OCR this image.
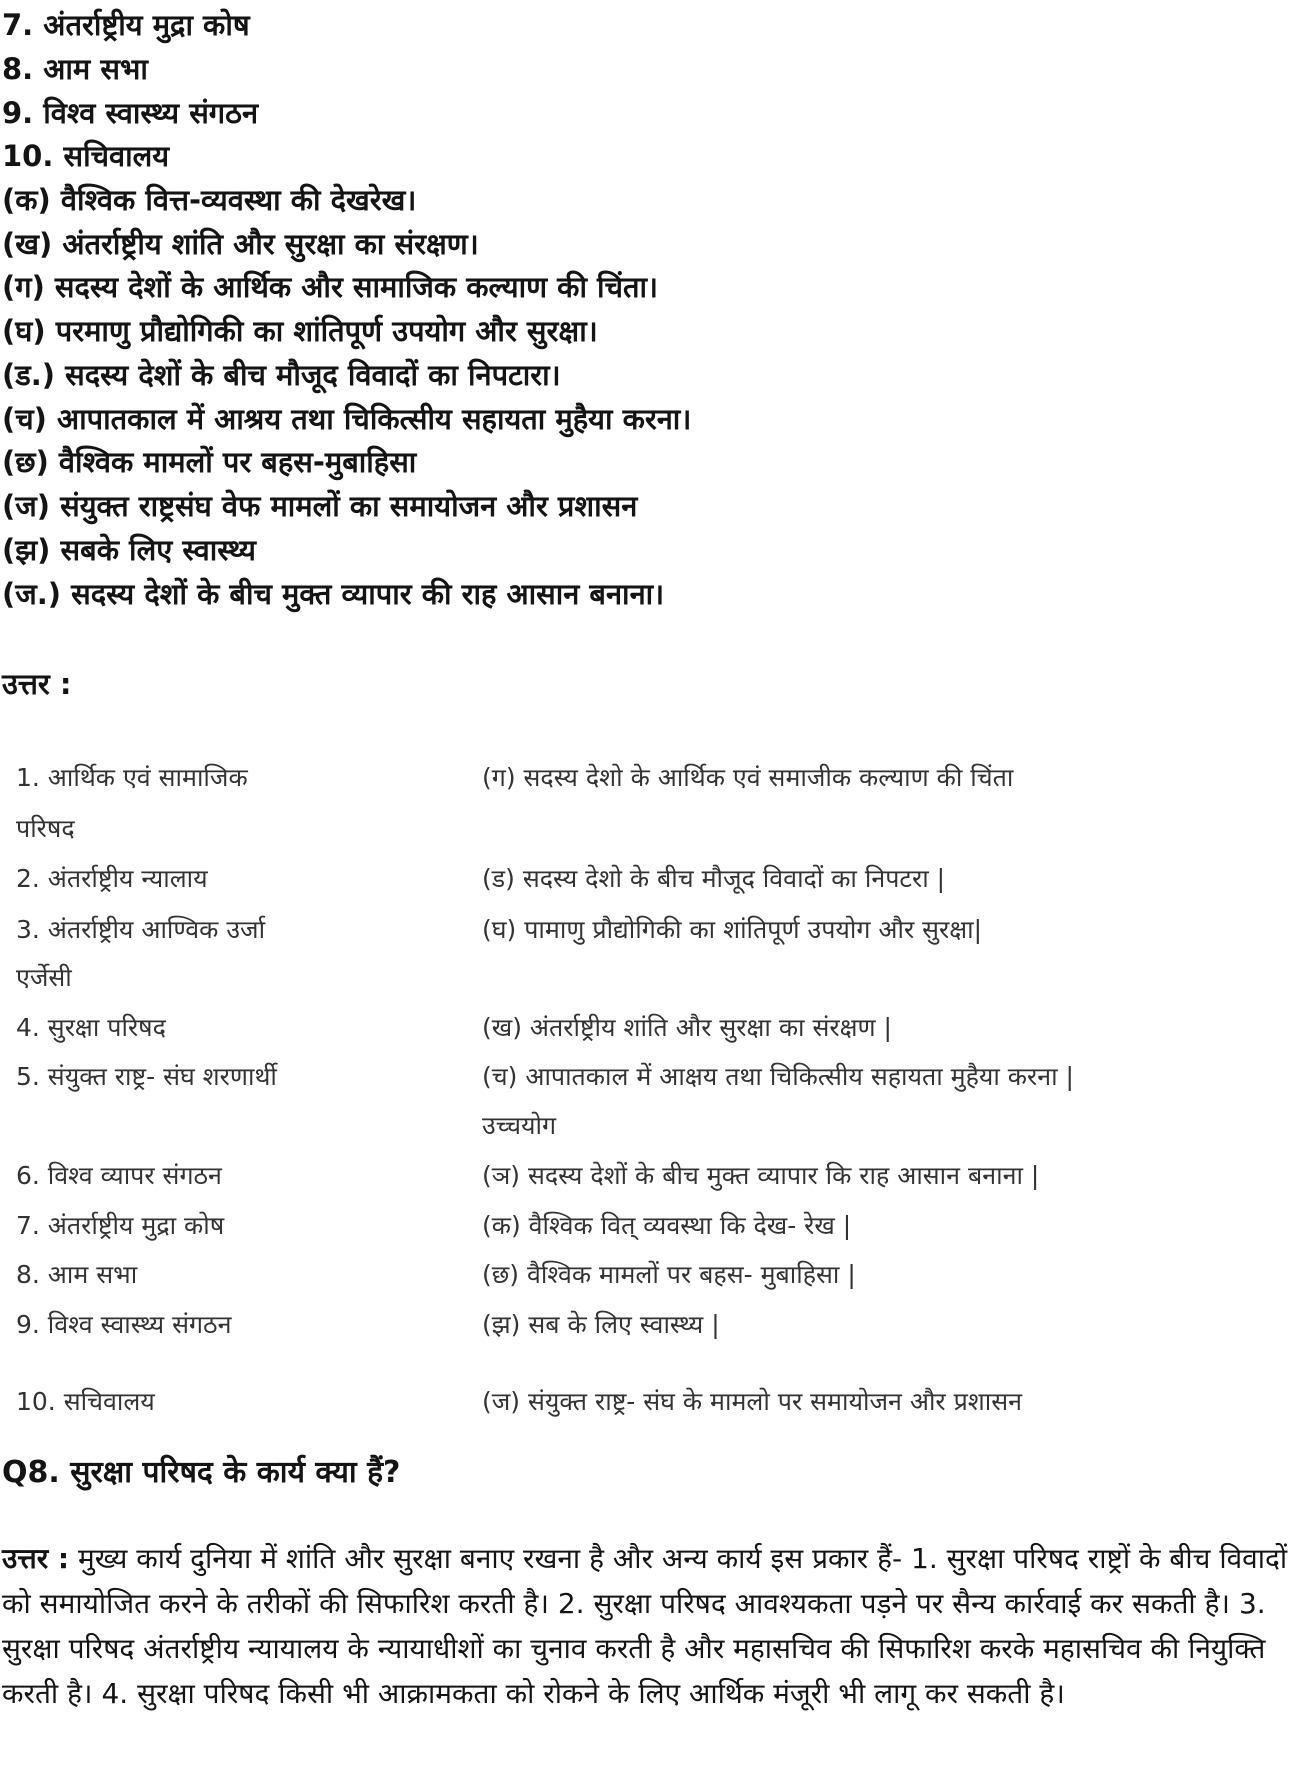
7. अंतर्राष्ट्रीय मुद्रा कोष
8. आम सभा
9. विश्व स्वास्थ्य संगठन
10. सचिवालय
(क) वैश्विक वित्त-व्यवस्था की देखरेख।
(ख) अंतर्राष्ट्रीय शांति और सुरक्षा का संरक्षण।
(ग) सदस्य देशों के आर्थिक और सामाजिक कल्याण की चिंता।
(घ) परमाणु प्रौद्योगिकी का शांतिपूर्ण उपयोग और सुरक्षा।
(ड.) सदस्य देशों के बीच मौजूद विवादों का निपटारा।
(च) आपातकाल में आश्रय तथा चिकित्सीय सहायता मुहैया करना।
(छ) वैश्विक मामलों पर बहस-मुबाहिसा
(ज) संयुक्त राष्ट्रसंघ वेफ मामलों का समायोजन और प्रशासन
(झ) सबके लिए स्वास्थ्य
(ज.) सदस्य देशों के बीच मुक्त व्यापार की राह आसान बनाना।
उत्तर :
1. आर्थिक एवं सामाजिक	(ग) सदस्य देशो के आर्थिक एवं समाजीक कल्याण की चिंता
परिषद
2. अंतर्राष्ट्रीय न्यालाय	(ड) सदस्य देशो के बीच मौजूद विवादों का निपटरा |
3. अंतर्राष्ट्रीय आण्विक उर्जा	(घ) पामाणु प्रौद्योगिकी का शांतिपूर्ण उपयोग और सुरक्षा|
एर्जेसी
4. सुरक्षा परिषद	(ख) अंतर्राष्ट्रीय शांति और सुरक्षा का संरक्षण |
5. संयुक्त राष्ट्र- संघ शरणार्थी	(च) आपातकाल में आक्षय तथा चिकित्सीय सहायता मुहैया करना |
उच्चयोग
6. विश्व व्यापर संगठन	(ञ) सदस्य देशों के बीच मुक्त व्यापार कि राह आसान बनाना |
7. अंतर्राष्ट्रीय मुद्रा कोष	(क) वैश्विक वित् व्यवस्था कि देख- रेख |
8. आम सभा	(छ) वैश्विक मामलों पर बहस- मुबाहिसा |
9. विश्व स्वास्थ्य संगठन	(झ) सब के लिए स्वास्थ्य |
10. सचिवालय	(ज) संयुक्त राष्ट्र- संघ के मामलो पर समायोजन और प्रशासन
Q8. सुरक्षा परिषद के कार्य क्या हैं?
उत्तर : मुख्य कार्य दुनिया में शांति और सुरक्षा बनाए रखना है और अन्य कार्य इस प्रकार हैं- 1. सुरक्षा परिषद राष्ट्रों के बीच विवादों को समायोजित करने के तरीकों की सिफारिश करती है। 2. सुरक्षा परिषद आवश्यकता पड़ने पर सैन्य कार्रवाई कर सकती है। 3. सुरक्षा परिषद अंतर्राष्ट्रीय न्यायालय के न्यायाधीशों का चुनाव करती है और महासचिव की सिफारिश करके महासचिव की नियुक्ति करती है। 4. सुरक्षा परिषद किसी भी आक्रामकता को रोकने के लिए आर्थिक मंजूरी भी लागू कर सकती है।
